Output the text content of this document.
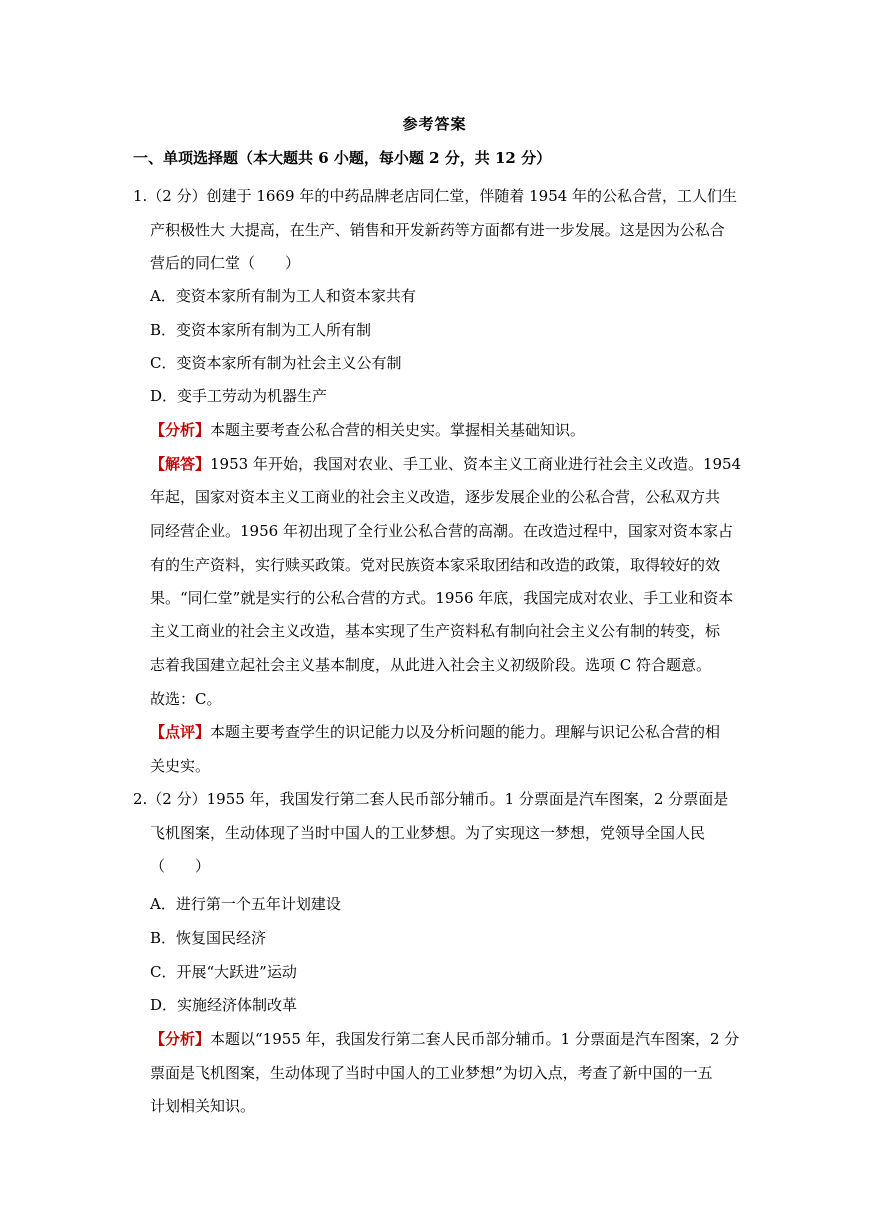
参考答案
一、单项选择题（本大题共 6 小题，每小题 2 分，共 12 分）
1.（2 分）创建于 1669 年的中药品牌老店同仁堂，伴随着 1954 年的公私合营，工人们生
产积极性大 大提高，在生产、销售和开发新药等方面都有进一步发展。这是因为公私合
营后的同仁堂（　　）
A．变资本家所有制为工人和资本家共有
B．变资本家所有制为工人所有制
C．变资本家所有制为社会主义公有制
D．变手工劳动为机器生产
【分析】本题主要考查公私合营的相关史实。掌握相关基础知识。
【解答】1953 年开始，我国对农业、手工业、资本主义工商业进行社会主义改造。1954
年起，国家对资本主义工商业的社会主义改造，逐步发展企业的公私合营，公私双方共
同经营企业。1956 年初出现了全行业公私合营的高潮。在改造过程中，国家对资本家占
有的生产资料，实行赎买政策。党对民族资本家采取团结和改造的政策，取得较好的效
果。“同仁堂”就是实行的公私合营的方式。1956 年底，我国完成对农业、手工业和资本
主义工商业的社会主义改造，基本实现了生产资料私有制向社会主义公有制的转变，标
志着我国建立起社会主义基本制度，从此进入社会主义初级阶段。选项 C 符合题意。
故选：C。
【点评】本题主要考查学生的识记能力以及分析问题的能力。理解与识记公私合营的相
关史实。
2.（2 分）1955 年，我国发行第二套人民币部分辅币。1 分票面是汽车图案，2 分票面是
飞机图案，生动体现了当时中国人的工业梦想。为了实现这一梦想，党领导全国人民
（　　）
A．进行第一个五年计划建设
B．恢复国民经济
C．开展“大跃进”运动
D．实施经济体制改革
【分析】本题以“1955 年，我国发行第二套人民币部分辅币。1 分票面是汽车图案，2 分
票面是飞机图案，生动体现了当时中国人的工业梦想”为切入点，考查了新中国的一五
计划相关知识。
